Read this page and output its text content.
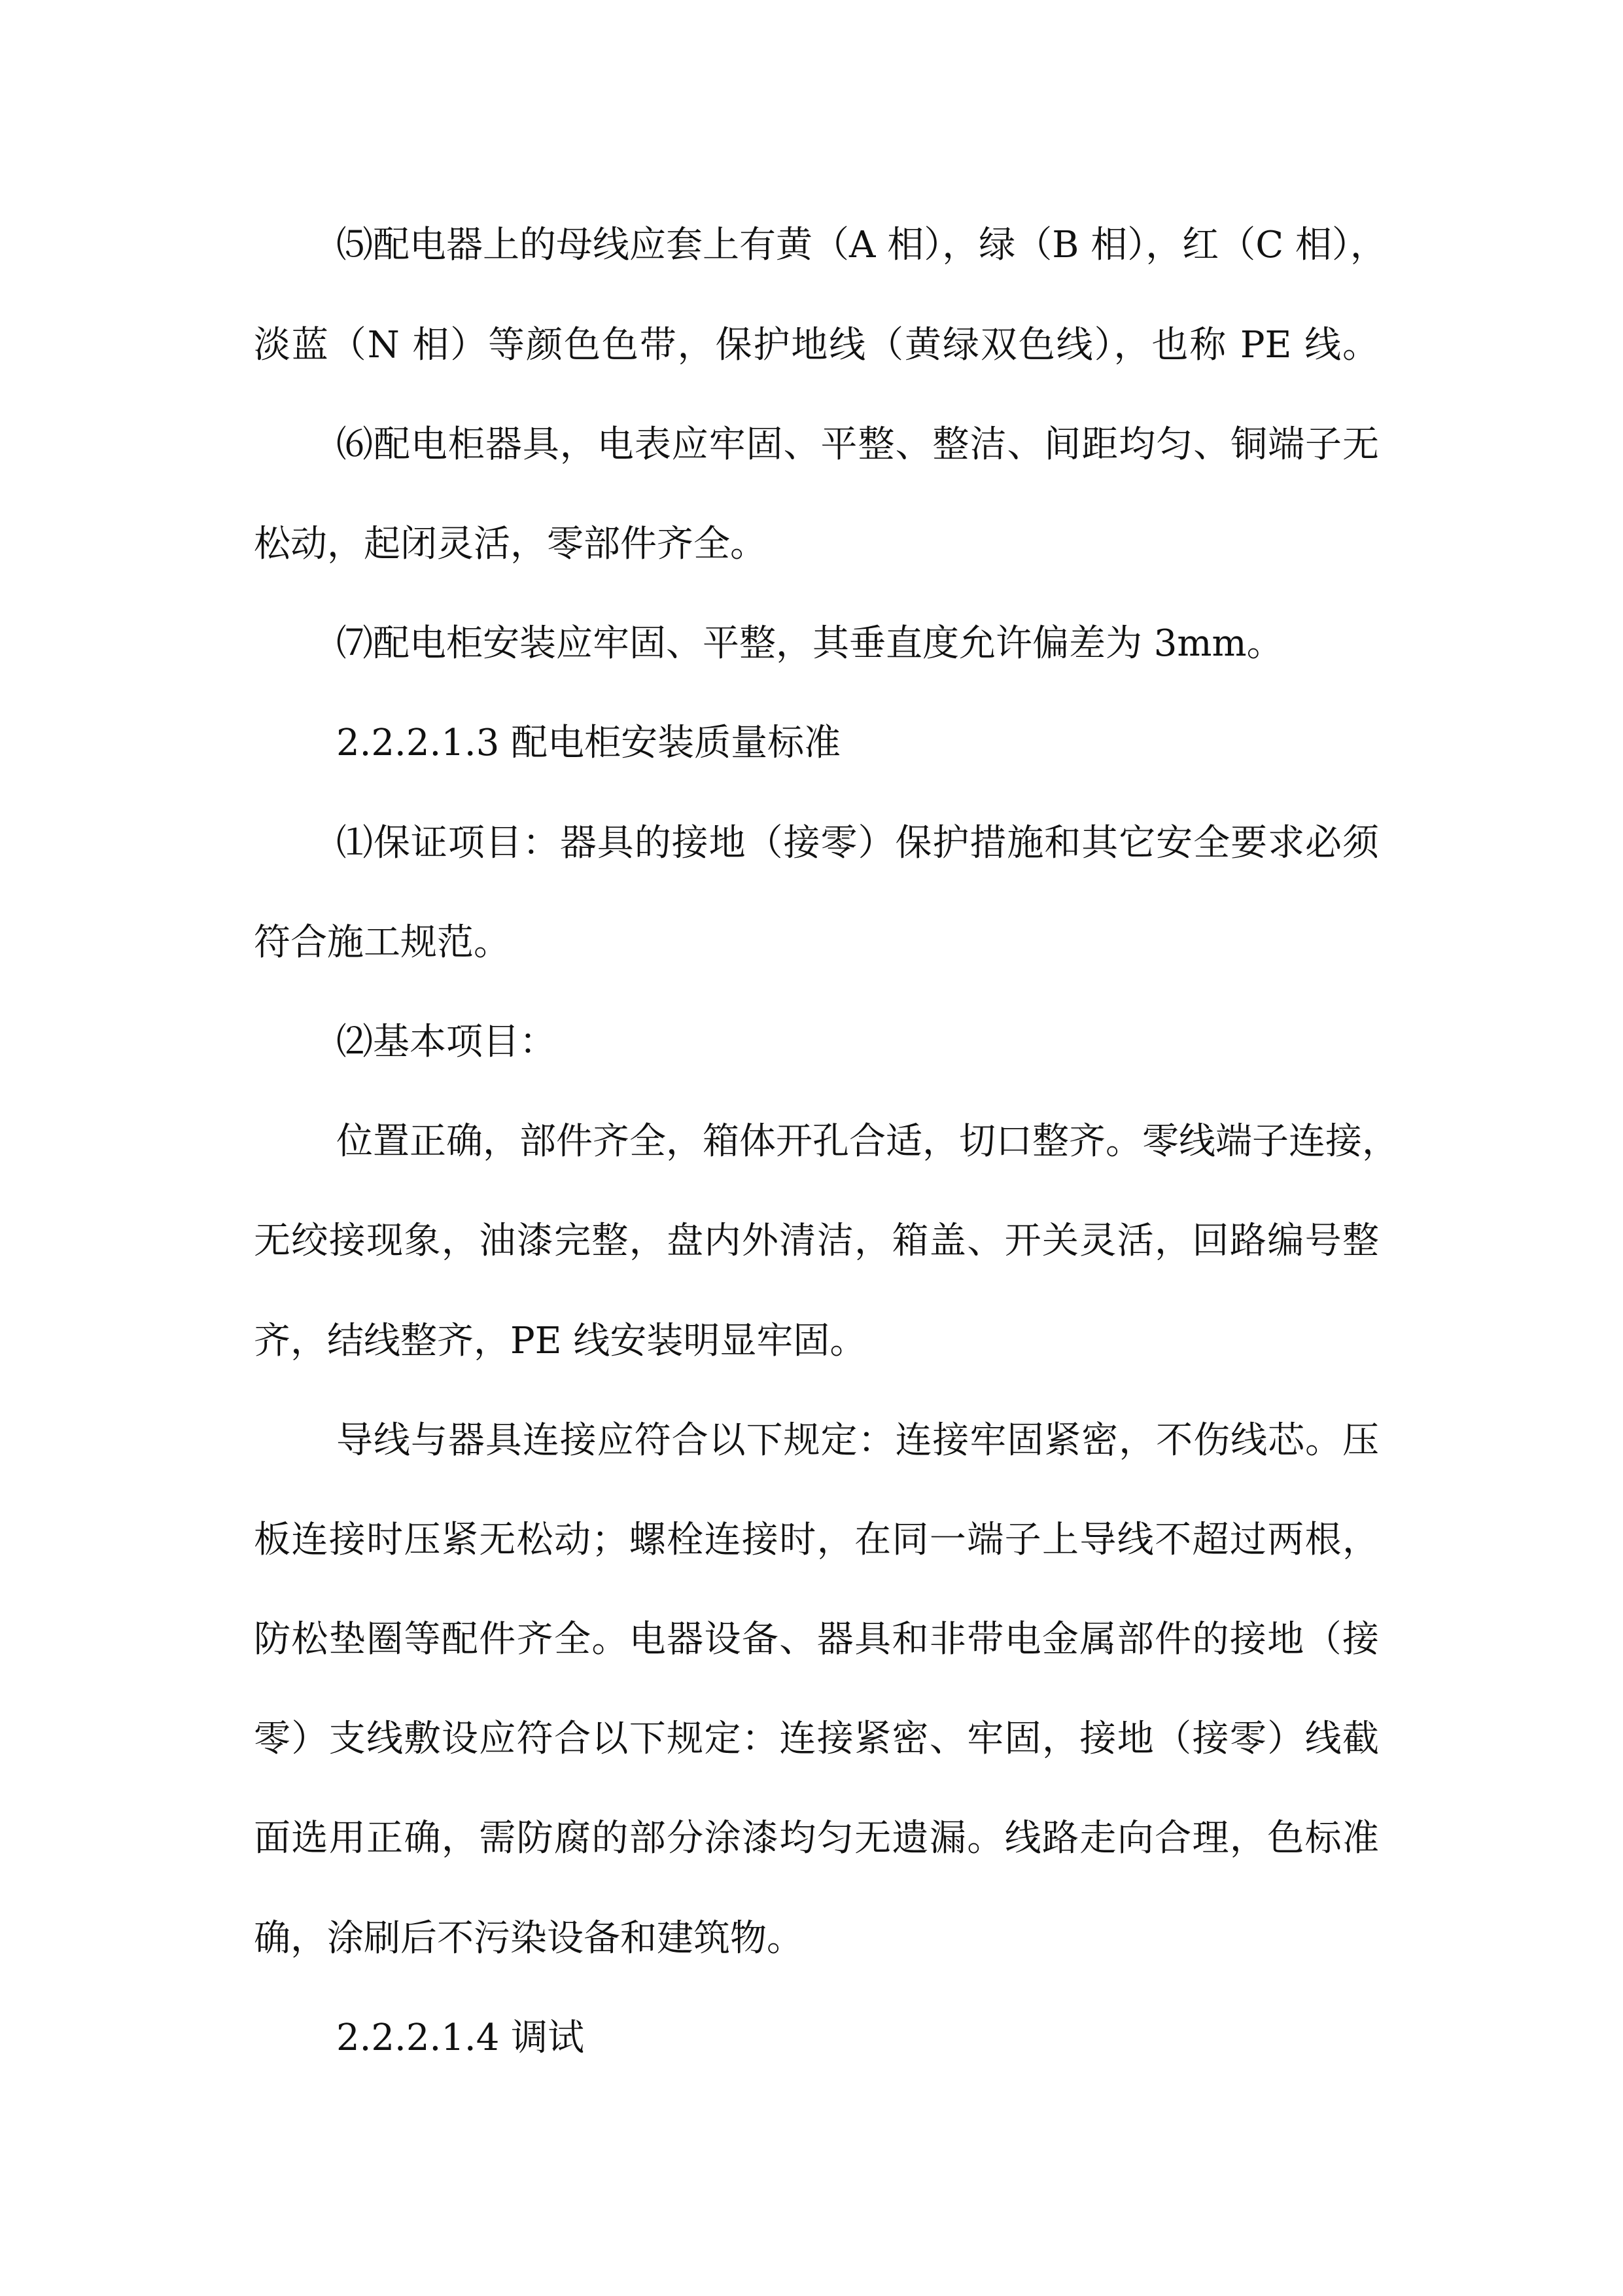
⑸配电器上的母线应套上有黄（A 相），绿（B 相），红（C 相），
淡蓝（N 相）等颜色色带，保护地线（黄绿双色线），也称 PE 线。
⑹配电柜器具，电表应牢固、平整、整洁、间距均匀、铜端子无
松动，起闭灵活，零部件齐全。
⑺配电柜安装应牢固、平整，其垂直度允许偏差为 3mm。
2.2.2.1.3 配电柜安装质量标准
⑴保证项目：器具的接地（接零）保护措施和其它安全要求必须
符合施工规范。
⑵基本项目：
位置正确，部件齐全，箱体开孔合适，切口整齐。零线端子连接，
无绞接现象，油漆完整，盘内外清洁，箱盖、开关灵活，回路编号整
齐，结线整齐，PE 线安装明显牢固。
导线与器具连接应符合以下规定：连接牢固紧密，不伤线芯。压
板连接时压紧无松动；螺栓连接时，在同一端子上导线不超过两根，
防松垫圈等配件齐全。电器设备、器具和非带电金属部件的接地（接
零）支线敷设应符合以下规定：连接紧密、牢固，接地（接零）线截
面选用正确，需防腐的部分涂漆均匀无遗漏。线路走向合理，色标准
确，涂刷后不污染设备和建筑物。
2.2.2.1.4 调试
